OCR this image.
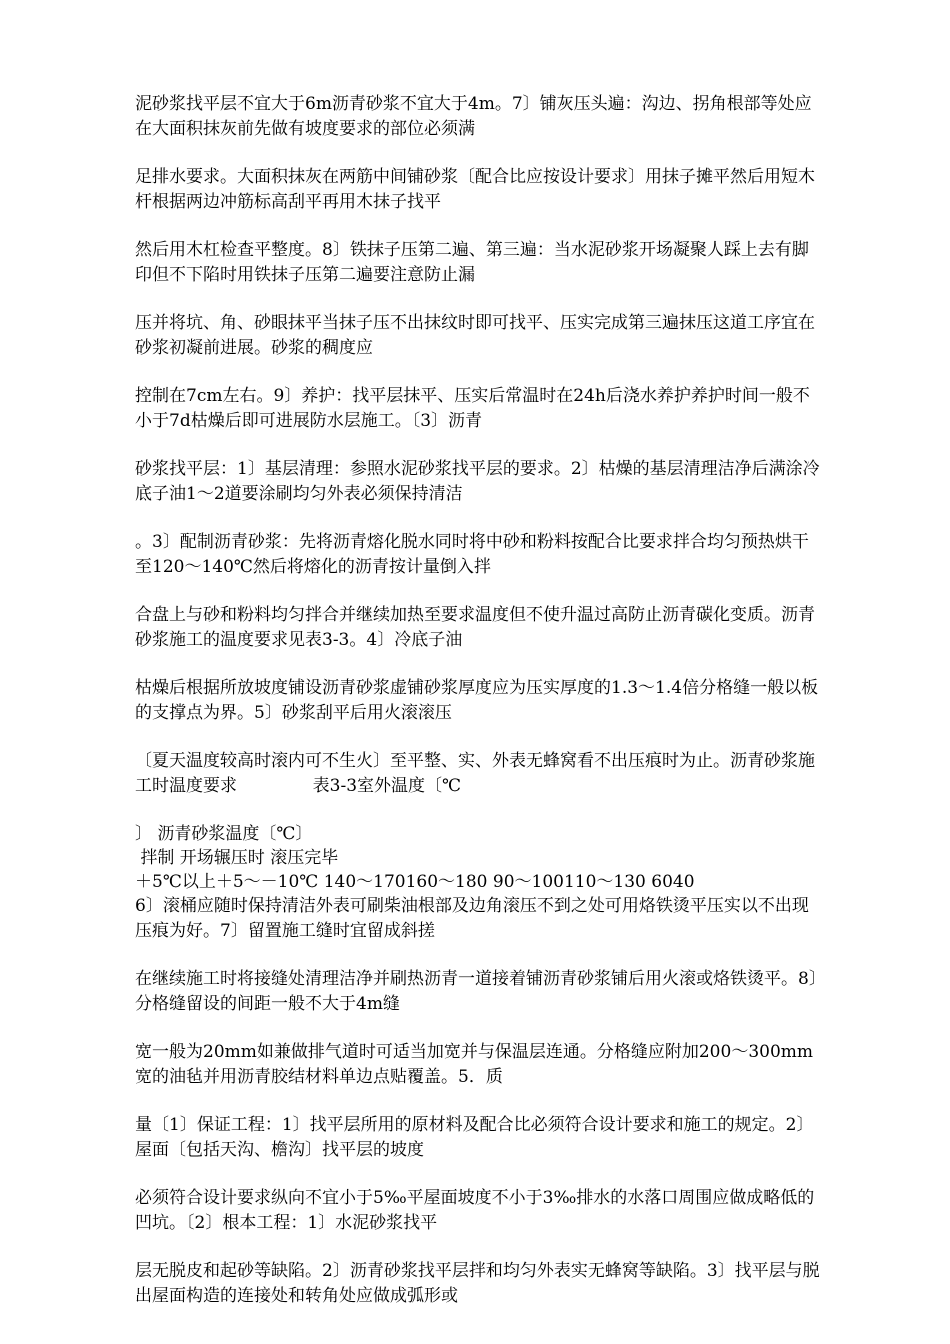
泥砂浆找平层不宜大于6m沥青砂浆不宜大于4m。7〕铺灰压头遍：沟边、拐角根部等处应在大面积抹灰前先做有坡度要求的部位必须满

足排水要求。大面积抹灰在两筋中间铺砂浆〔配合比应按设计要求〕用抹子摊平然后用短木杆根据两边冲筋标高刮平再用木抹子找平

然后用木杠检查平整度。8〕铁抹子压第二遍、第三遍：当水泥砂浆开场凝聚人踩上去有脚印但不下陷时用铁抹子压第二遍要注意防止漏

压并将坑、角、砂眼抹平当抹子压不出抹纹时即可找平、压实完成第三遍抹压这道工序宜在砂浆初凝前进展。砂浆的稠度应

控制在7cm左右。9〕养护：找平层抹平、压实后常温时在24h后浇水养护养护时间一般不小于7d枯燥后即可进展防水层施工。〔3〕沥青

砂浆找平层：1〕基层清理：参照水泥砂浆找平层的要求。2〕枯燥的基层清理洁净后满涂冷底子油1～2道要涂刷均匀外表必须保持清洁

。3〕配制沥青砂浆：先将沥青熔化脱水同时将中砂和粉料按配合比要求拌合均匀预热烘干至120～140℃然后将熔化的沥青按计量倒入拌

合盘上与砂和粉料均匀拌合并继续加热至要求温度但不使升温过高防止沥青碳化变质。沥青砂浆施工的温度要求见表3-3。4〕冷底子油

枯燥后根据所放坡度铺设沥青砂浆虚铺砂浆厚度应为压实厚度的1.3～1.4倍分格缝一般以板的支撑点为界。5〕砂浆刮平后用火滚滚压

〔夏天温度较高时滚内可不生火〕至平整、实、外表无蜂窝看不出压痕时为止。沥青砂浆施工时温度要求              表3-3室外温度〔℃

〕 沥青砂浆温度〔℃〕
拌制 开场辗压时 滚压完毕
＋5℃以上＋5～－10℃ 140～170160～180 90～100110～130 6040

6〕滚桶应随时保持清洁外表可刷柴油根部及边角滚压不到之处可用烙铁烫平压实以不出现压痕为好。7〕留置施工缝时宜留成斜搓

在继续施工时将接缝处清理洁净并刷热沥青一道接着铺沥青砂浆铺后用火滚或烙铁烫平。8〕分格缝留设的间距一般不大于4m缝

宽一般为20mm如兼做排气道时可适当加宽并与保温层连通。分格缝应附加200～300mm宽的油毡并用沥青胶结材料单边点贴覆盖。5．质

量〔1〕保证工程：1〕找平层所用的原材料及配合比必须符合设计要求和施工的规定。2〕屋面〔包括天沟、檐沟〕找平层的坡度

必须符合设计要求纵向不宜小于5‰平屋面坡度不小于3‰排水的水落口周围应做成略低的凹坑。〔2〕根本工程：1〕水泥砂浆找平

层无脱皮和起砂等缺陷。2〕沥青砂浆找平层拌和均匀外表实无蜂窝等缺陷。3〕找平层与脱出屋面构造的连接处和转角处应做成弧形或
